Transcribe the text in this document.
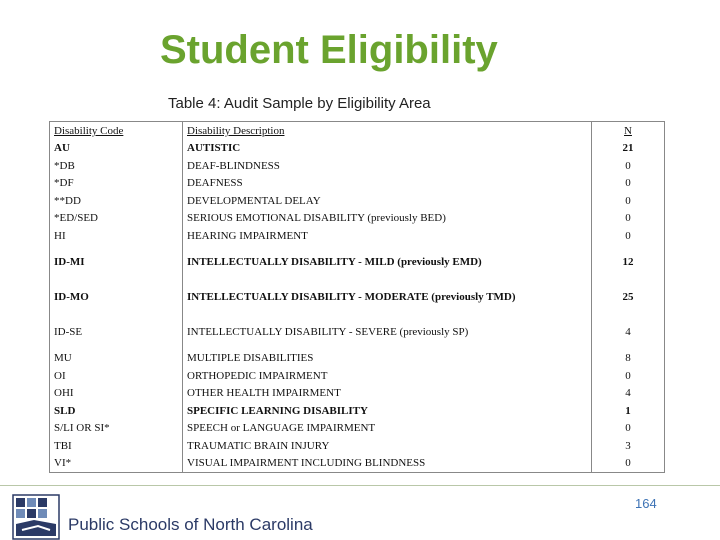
Student Eligibility
Table 4: Audit Sample by Eligibility Area
Disability Code	Disability Description	N
AU	AUTISTIC	21
*DB	DEAF-BLINDNESS	0
*DF	DEAFNESS	0
**DD	DEVELOPMENTAL DELAY	0
*ED/SED	SERIOUS EMOTIONAL DISABILITY (previously BED)	0
HI	HEARING IMPAIRMENT	0
ID-MI	INTELLECTUALLY DISABILITY - MILD (previously EMD)	12
ID-MO	INTELLECTUALLY DISABILITY - MODERATE (previously TMD)	25
ID-SE	INTELLECTUALLY DISABILITY - SEVERE (previously SP)	4
MU	MULTIPLE DISABILITIES	8
OI	ORTHOPEDIC IMPAIRMENT	0
OHI	OTHER HEALTH IMPAIRMENT	4
SLD	SPECIFIC LEARNING DISABILITY	1
S/LI OR SI*	SPEECH or LANGUAGE IMPAIRMENT	0
TBI	TRAUMATIC BRAIN INJURY	3
VI*	VISUAL IMPAIRMENT INCLUDING BLINDNESS	0
164
Public Schools of North Carolina
